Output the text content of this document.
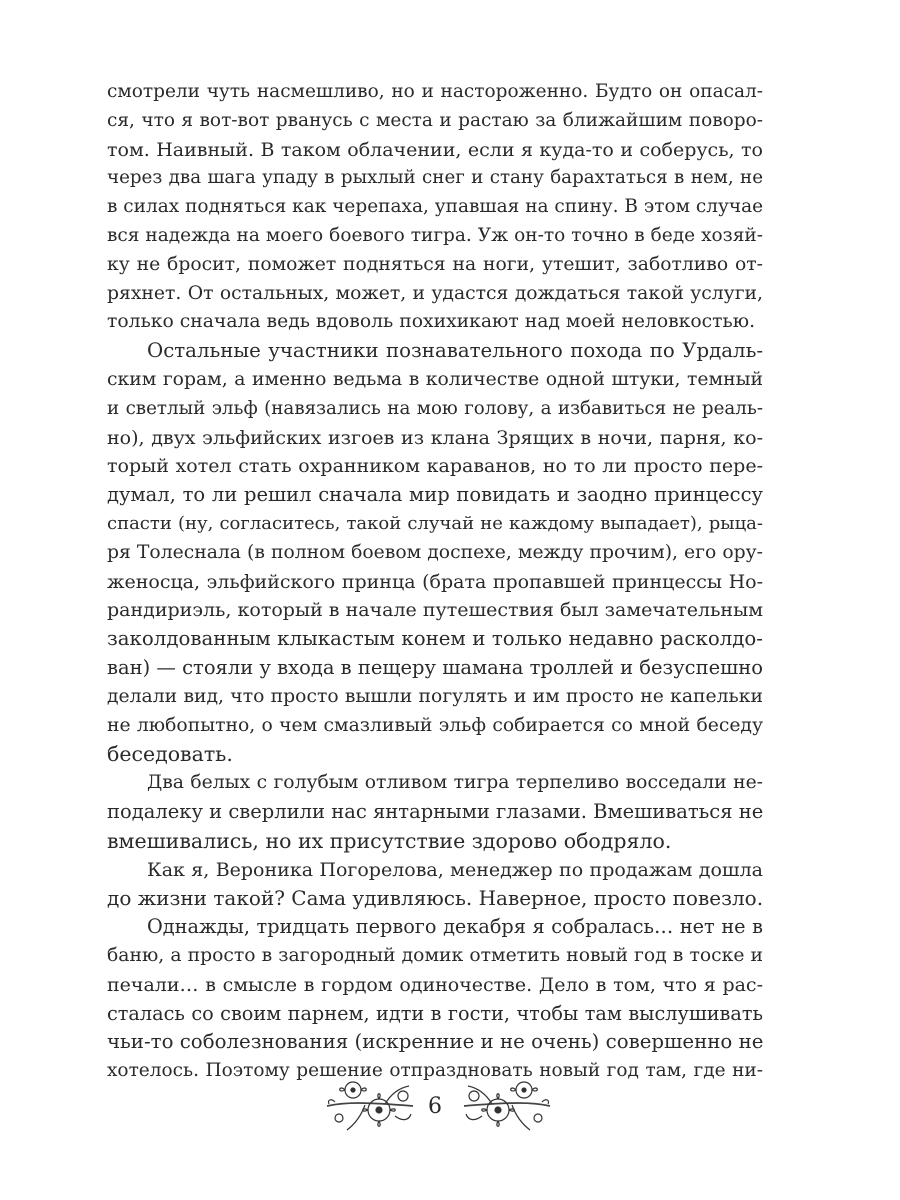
смотрели чуть насмешливо, но и настороженно. Будто он опасал-
ся, что я вот-вот рвануcь с места и растаю за ближайшим поворо-
том. Наивный. В таком облачении, если я куда-то и соберусь, то
через два шага упаду в рыхлый снег и стану барахтаться в нем, не
в силах подняться как черепаха, упавшая на спину. В этом случае
вся надежда на моего боевого тигра. Уж он-то точно в беде хозяй-
ку не бросит, поможет подняться на ноги, утешит, заботливо от-
ряхнет. От остальных, может, и удастся дождаться такой услуги,
только сначала ведь вдоволь похихикают над моей неловкостью.
Остальные участники познавательного похода по Урдаль-
ским горам, а именно ведьма в количестве одной штуки, темный
и светлый эльф (навязались на мою голову, а избавиться не реаль-
но), двух эльфийских изгоев из клана Зрящих в ночи, парня, ко-
торый хотел стать охранником караванов, но то ли просто пере-
думал, то ли решил сначала мир повидать и заодно принцессу
спасти (ну, согласитесь, такой случай не каждому выпадает), рыца-
ря Толеснала (в полном боевом доспехе, между прочим), его ору-
женосца, эльфийского принца (брата пропавшей принцессы Но-
рандириэль, который в начале путешествия был замечательным
заколдованным клыкастым конем и только недавно расколдо-
ван) — стояли у входа в пещеру шамана троллей и безуспешно
делали вид, что просто вышли погулять и им просто не капельки
не любопытно, о чем смазливый эльф собирается со мной беседу
беседовать.
Два белых с голубым отливом тигра терпеливо восседали не-
подалеку и сверлили нас янтарными глазами. Вмешиваться не
вмешивались, но их присутствие здорово ободряло.
Как я, Вероника Погорелова, менеджер по продажам дошла
до жизни такой? Сама удивляюсь. Наверное, просто повезло.
Однажды, тридцать первого декабря я собралась… нет не в
баню, а просто в загородный домик отметить новый год в тоске и
печали… в смысле в гордом одиночестве. Дело в том, что я рас-
сталась со своим парнем, идти в гости, чтобы там выслушивать
чьи-то соболезнования (искренние и не очень) совершенно не
хотелось. Поэтому решение отпраздновать новый год там, где ни-
6
